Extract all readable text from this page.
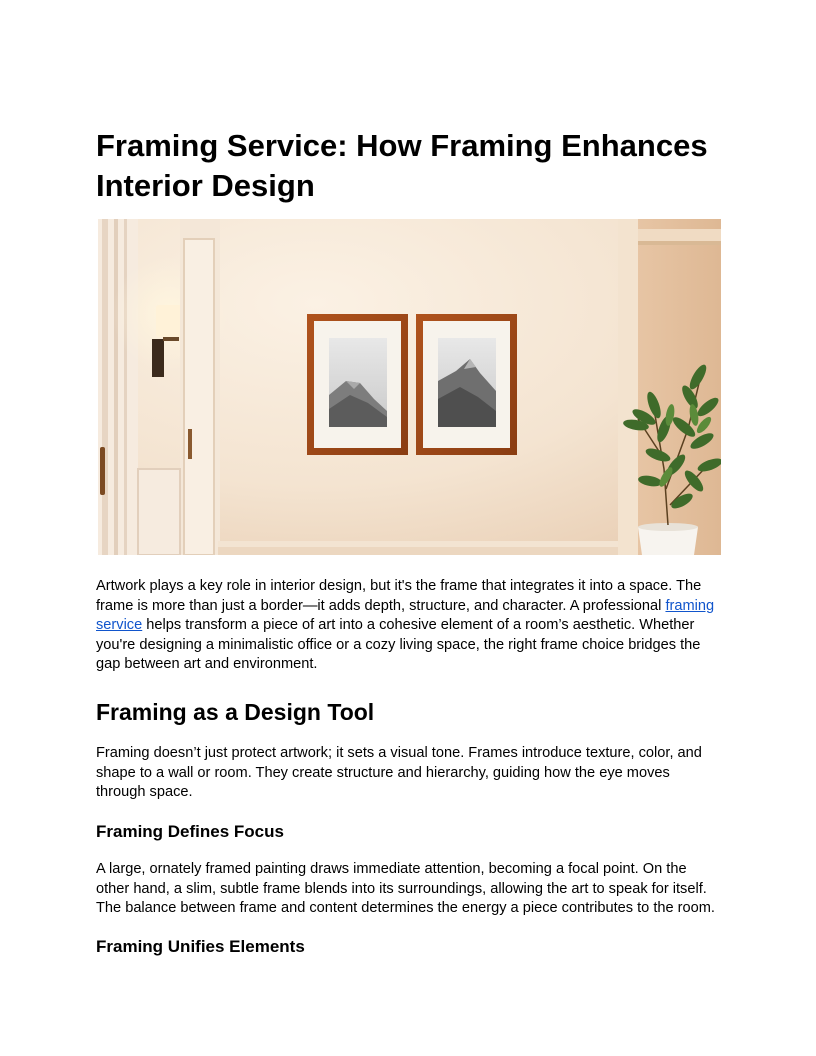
Framing Service: How Framing Enhances Interior Design

Artwork plays a key role in interior design, but it's the frame that integrates it into a space. The
frame is more than just a border—it adds depth, structure, and character. A professional framing
service helps transform a piece of art into a cohesive element of a room’s aesthetic. Whether
you're designing a minimalistic office or a cozy living space, the right frame choice bridges the
gap between art and environment.

Framing as a Design Tool

Framing doesn’t just protect artwork; it sets a visual tone. Frames introduce texture, color, and
shape to a wall or room. They create structure and hierarchy, guiding how the eye moves
through space.

Framing Defines Focus

A large, ornately framed painting draws immediate attention, becoming a focal point. On the
other hand, a slim, subtle frame blends into its surroundings, allowing the art to speak for itself.
The balance between frame and content determines the energy a piece contributes to the room.

Framing Unifies Elements
